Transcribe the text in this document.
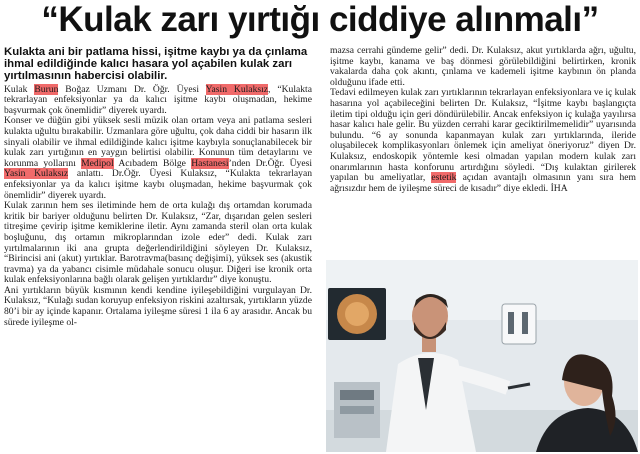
“Kulak zarı yırtığı ciddiye alınmalı”

Kulakta ani bir patlama hissi, işitme kaybı ya da çınlama ihmal edildiğinde kalıcı hasara yol açabilen kulak zarı yırtılmasının habercisi olabilir.

Kulak Burun Boğaz Uzmanı Dr. Öğr. Üyesi Yasin Kulaksız, “Kulakta tekrarlayan enfeksiyonlar ya da kalıcı işitme kaybı oluşmadan, hekime başvurmak çok önemlidir” diyerek uyardı.

Konser ve düğün gibi yüksek sesli müzik olan ortam veya ani patlama sesleri kulakta uğultu bırakabilir. Uzmanlara göre uğultu, çok daha ciddi bir hasarın ilk sinyali olabilir ve ihmal edildiğinde kalıcı işitme kaybıyla sonuçlanabilecek bir kulak zarı yırtığının en yaygın belirtisi olabilir. Konunun tüm detaylarını ve korunma yollarını Medipol Acıbadem Bölge Hastanesi’nden Dr.Öğr. Üyesi Yasin Kulaksız anlattı. Dr.Öğr. Üyesi Kulaksız, “Kulakta tekrarlayan enfeksiyonlar ya da kalıcı işitme kaybı oluşmadan, hekime başvurmak çok önemlidir” diyerek uyardı.

Kulak zarının hem ses iletiminde hem de orta kulağı dış ortamdan korumada kritik bir bariyer olduğunu belirten Dr. Kulaksız, “Zar, dışarıdan gelen sesleri titreşime çevirip işitme kemiklerine iletir. Aynı zamanda steril olan orta kulak boşluğunu, dış ortamın mikroplarından izole eder” dedi. Kulak zarı yırtılmalarının iki ana grupta değerlendirildiğini söyleyen Dr. Kulaksız, “Birincisi ani (akut) yırtıklar. Barotravma(basınç değişimi), yüksek ses (akustik travma) ya da yabancı cisimle müdahale sonucu oluşur. Diğeri ise kronik orta kulak enfeksiyonlarına bağlı olarak gelişen yırtıklardır” diye konuştu.

Ani yırtıkların büyük kısmının kendi kendine iyileşebildiğini vurgulayan Dr. Kulaksız, “Kulağı sudan koruyup enfeksiyon riskini azaltırsak, yırtıkların yüzde 80’i bir ay içinde kapanır. Ortalama iyileşme süresi 1 ila 6 ay arasıdır. Ancak bu sürede iyileşme ol-

mazsa cerrahi gündeme gelir” dedi. Dr. Kulaksız, akut yırtıklarda ağrı, uğultu, işitme kaybı, kanama ve baş dönmesi görülebildiğini belirtirken, kronik vakalarda daha çok akıntı, çınlama ve kademeli işitme kaybının ön planda olduğunu ifade etti.

Tedavi edilmeyen kulak zarı yırtıklarının tekrarlayan enfeksiyonlara ve iç kulak hasarına yol açabileceğini belirten Dr. Kulaksız, “İşitme kaybı başlangıçta iletim tipi olduğu için geri döndürülebilir. Ancak enfeksiyon iç kulağa yayılırsa hasar kalıcı hale gelir. Bu yüzden cerrahi karar geciktirilmemelidir” uyarısında bulundu. “6 ay sonunda kapanmayan kulak zarı yırtıklarında, ileride oluşabilecek komplikasyonları önlemek için ameliyat öneriyoruz” diyen Dr. Kulaksız, endoskopik yöntemle kesi olmadan yapılan modern kulak zarı onarımlarının hasta konforunu artırdığını söyledi. “Dış kulaktan girilerek yapılan bu ameliyatlar, estetik açıdan avantajlı olmasının yanı sıra hem ağrısızdır hem de iyileşme süreci de kısadır” diye ekledi. İHA
